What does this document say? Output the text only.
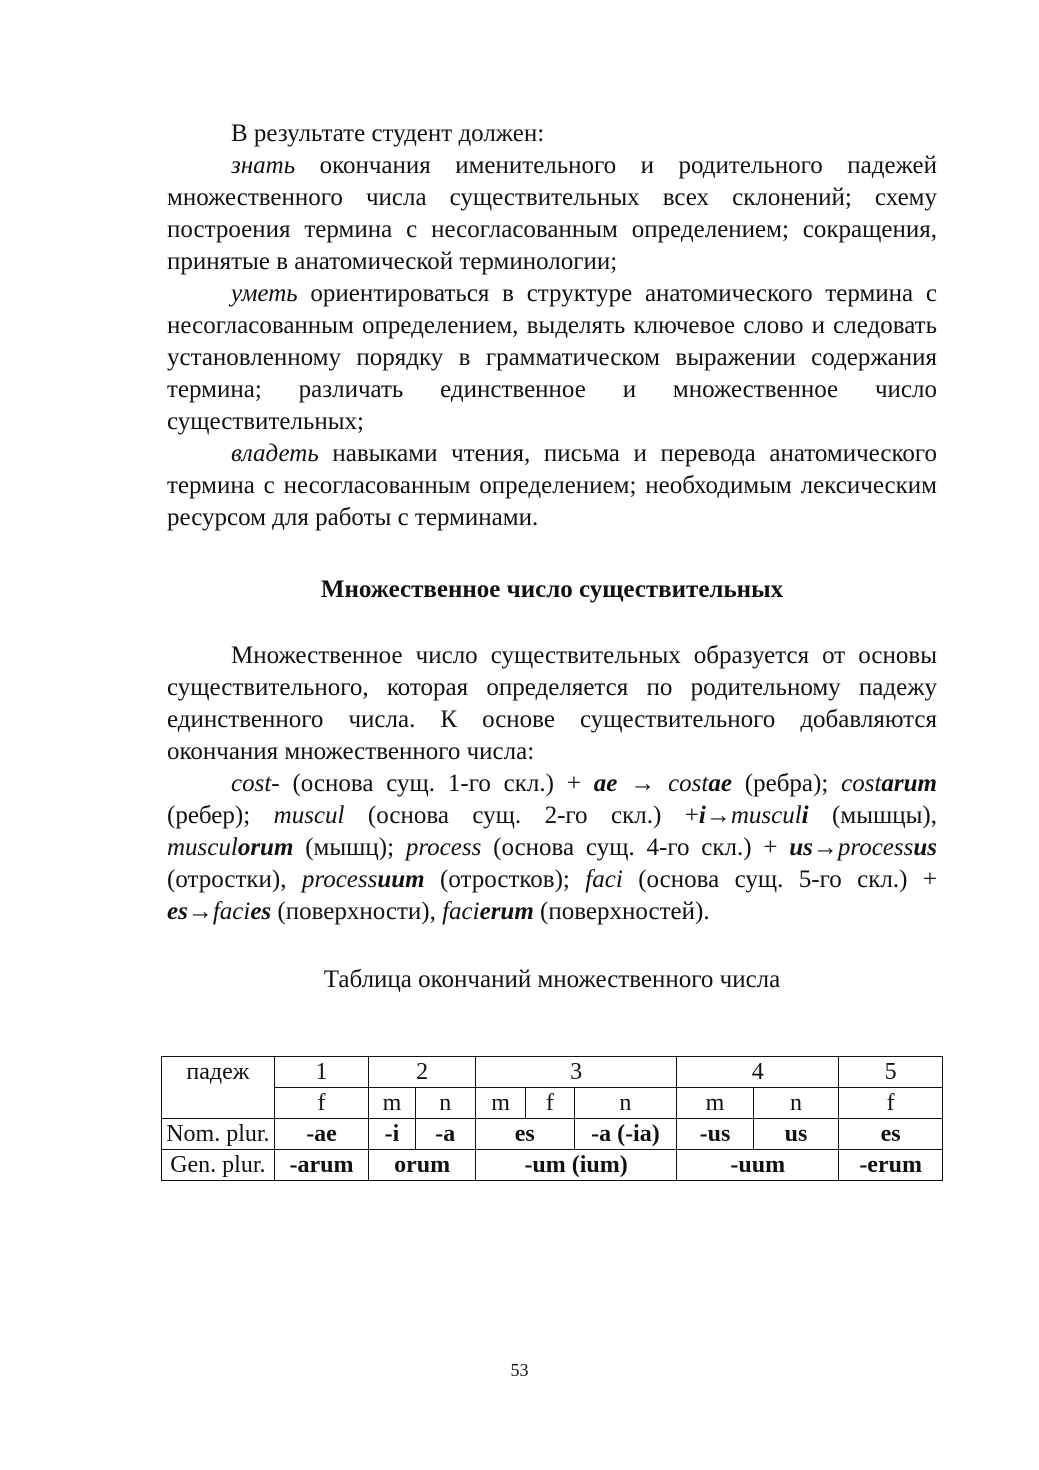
В результате студент должен:

знать окончания именительного и родительного падежей множественного числа существительных всех склонений; схему построения термина с несогласованным определением; сокращения, принятые в анатомической терминологии;

уметь ориентироваться в структуре анатомического термина с несогласованным определением, выделять ключевое слово и следовать установленному порядку в грамматическом выражении содержания термина; различать единственное и множественное число существительных;

владеть навыками чтения, письма и перевода анатомического термина с несогласованным определением; необходимым лексическим ресурсом для работы с терминами.

Множественное число существительных

Множественное число существительных образуется от основы существительного, которая определяется по родительному падежу единственного числа. К основе существительного добавляются окончания множественного числа:

cost- (основа сущ. 1-го скл.) + ae → costae (ребра); costarum (ребер); muscul (основа сущ. 2-го скл.) +i→musculi (мышцы), musculorum (мышц); process (основа сущ. 4-го скл.) + us→processus (отростки), processuum (отростков); faci (основа сущ. 5-го скл.) + es→facies (поверхности), facierum (поверхностей).

Таблица окончаний множественного числа

падеж	1	2		3			4		5
	f	m	n	m	f	n	m	n	f
Nom. plur.	-ae	-i	-a	es		-a (-ia)	-us	us	es
Gen. plur.	-arum	orum		-um (ium)			-uum		-erum
53
